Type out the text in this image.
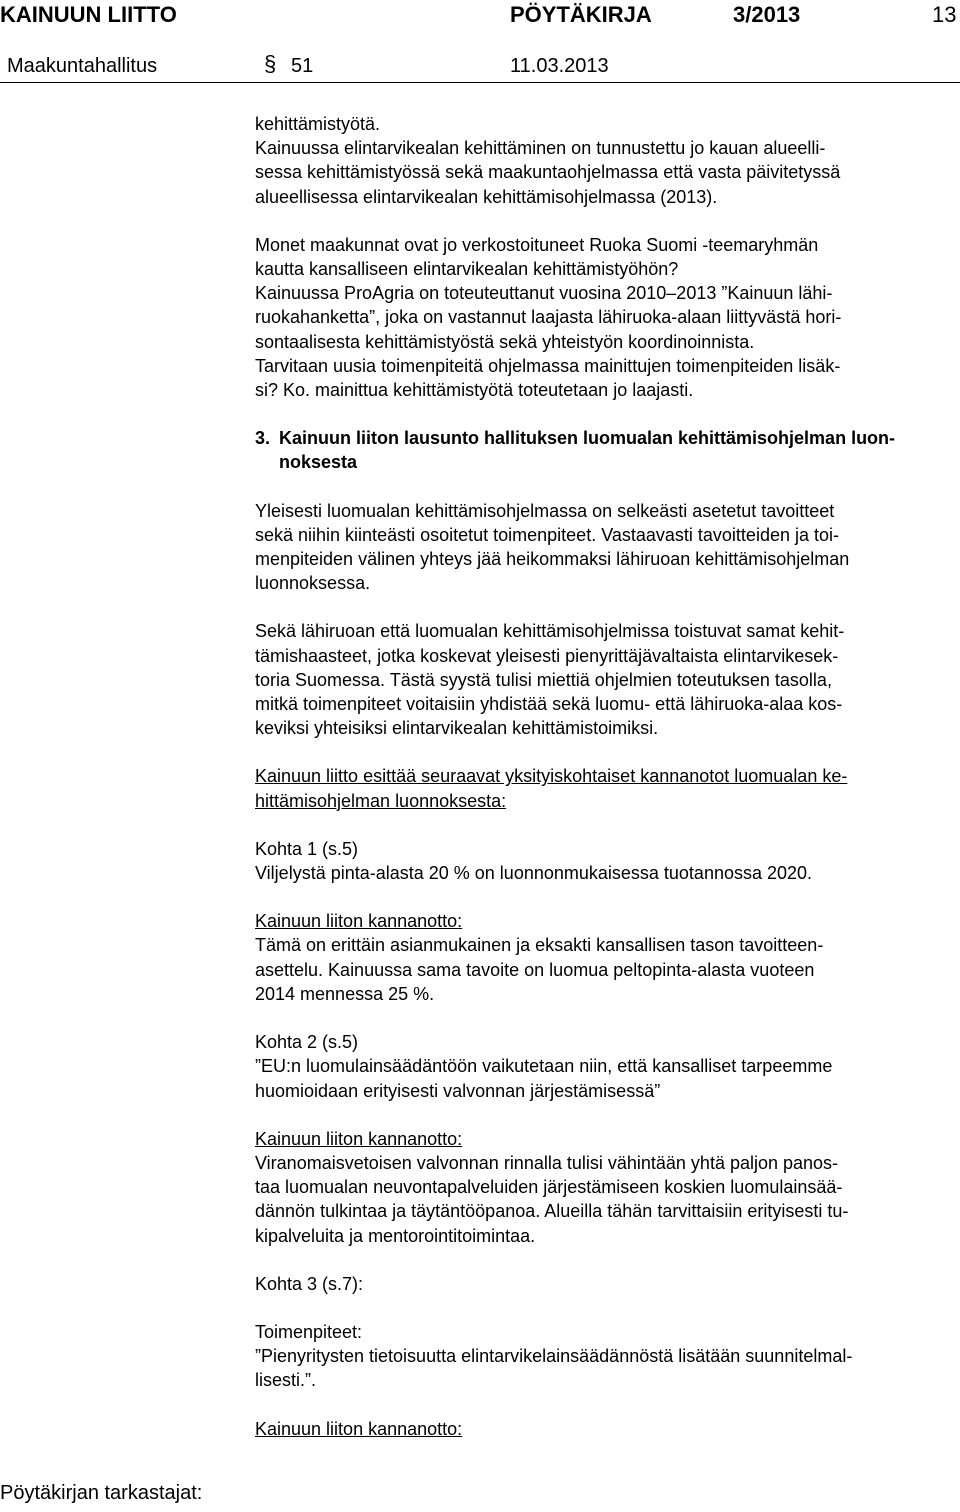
KAINUUN LIITTO	PÖYTÄKIRJA	3/2013	13
Maakuntahallitus	§ 51	11.03.2013

kehittämistyötä.
Kainuussa elintarvikealan kehittäminen on tunnustettu jo kauan alueelli-
sessa kehittämistyössä sekä maakuntaohjelmassa että vasta päivitetyssä
alueellisessa elintarvikealan kehittämisohjelmassa (2013).

Monet maakunnat ovat jo verkostoituneet Ruoka Suomi -teemaryhmän
kautta kansalliseen elintarvikealan kehittämistyöhön?
Kainuussa ProAgria on toteuteuttanut vuosina 2010–2013 ”Kainuun lähi-
ruokahanketta”, joka on vastannut laajasta lähiruoka-alaan liittyvästä hori-
sontaalisesta kehittämistyöstä sekä yhteistyön koordinoinnista.
Tarvitaan uusia toimenpiteitä ohjelmassa mainittujen toimenpiteiden lisäk-
si? Ko. mainittua kehittämistyötä toteutetaan jo laajasti.

3. Kainuun liiton lausunto hallituksen luomualan kehittämisohjelman luon-
noksesta

Yleisesti luomualan kehittämisohjelmassa on selkeästi asetetut tavoitteet
sekä niihin kiinteästi osoitetut toimenpiteet. Vastaavasti tavoitteiden ja toi-
menpiteiden välinen yhteys jää heikommaksi lähiruoan kehittämisohjelman
luonnoksessa.

Sekä lähiruoan että luomualan kehittämisohjelmissa toistuvat samat kehit-
tämishaasteet, jotka koskevat yleisesti pienyrittäjävaltaista elintarvikesek-
toria Suomessa. Tästä syystä tulisi miettiä ohjelmien toteutuksen tasolla,
mitkä toimenpiteet voitaisiin yhdistää sekä luomu- että lähiruoka-alaa kos-
keviksi yhteisiksi elintarvikealan kehittämistoimiksi.

Kainuun liitto esittää seuraavat yksityiskohtaiset kannanotot luomualan ke-
hittämisohjelman luonnoksesta:

Kohta 1 (s.5)
Viljelystä pinta-alasta 20 % on luonnonmukaisessa tuotannossa 2020.

Kainuun liiton kannanotto:

Tämä on erittäin asianmukainen ja eksakti kansallisen tason tavoitteen-
asettelu. Kainuussa sama tavoite on luomua peltopinta-alasta vuoteen
2014 mennessa 25 %.

Kohta 2 (s.5)
”EU:n luomulainsäädäntöön vaikutetaan niin, että kansalliset tarpeemme
huomioidaan erityisesti valvonnan järjestämisessä”

Kainuun liiton kannanotto:

Viranomaisvetoisen valvonnan rinnalla tulisi vähintään yhtä paljon panos-
taa luomualan neuvontapalveluiden järjestämiseen koskien luomulainsää-
dännön tulkintaa ja täytäntööpanoa. Alueilla tähän tarvittaisiin erityisesti tu-
kipalveluita ja mentorointitoimintaa.

Kohta 3 (s.7):

Toimenpiteet:

”Pienyritysten tietoisuutta elintarvikelainsäädännöstä lisätään suunnitelmal-
lisesti.”.

Kainuun liiton kannanotto:

Pöytäkirjan tarkastajat:
